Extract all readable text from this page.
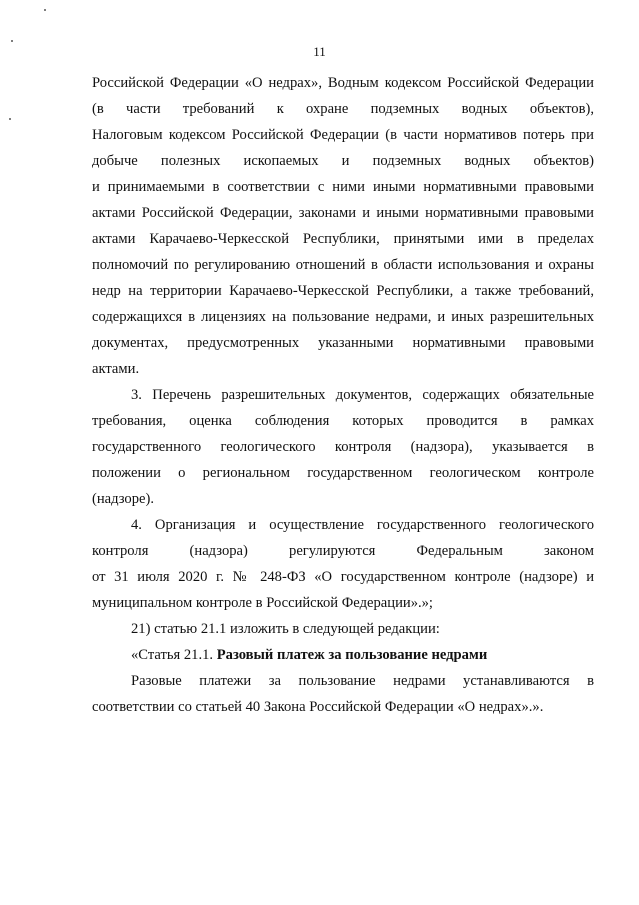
11
Российской Федерации «О недрах», Водным кодексом Российской Федерации
(в части требований к охране подземных водных объектов),
Налоговым кодексом Российской Федерации (в части нормативов потерь при
добыче полезных ископаемых и подземных водных объектов)
и принимаемыми в соответствии с ними иными нормативными правовыми
актами Российской Федерации, законами и иными нормативными правовыми
актами Карачаево-Черкесской Республики, принятыми ими в пределах
полномочий по регулированию отношений в области использования и охраны
недр на территории Карачаево-Черкесской Республики, а также требований,
содержащихся в лицензиях на пользование недрами, и иных разрешительных
документах, предусмотренных указанными нормативными правовыми
актами.
3. Перечень разрешительных документов, содержащих обязательные
требования, оценка соблюдения которых проводится в рамках
государственного геологического контроля (надзора), указывается в
положении о региональном государственном геологическом контроле
(надзоре).
4. Организация и осуществление государственного геологического
контроля (надзора) регулируются Федеральным законом
от 31 июля 2020 г. № 248-ФЗ «О государственном контроле (надзоре) и
муниципальном контроле в Российской Федерации».»;
21) статью 21.1 изложить в следующей редакции:
«Статья 21.1. Разовый платеж за пользование недрами
Разовые платежи за пользование недрами устанавливаются в
соответствии со статьей 40 Закона Российской Федерации «О недрах».».
